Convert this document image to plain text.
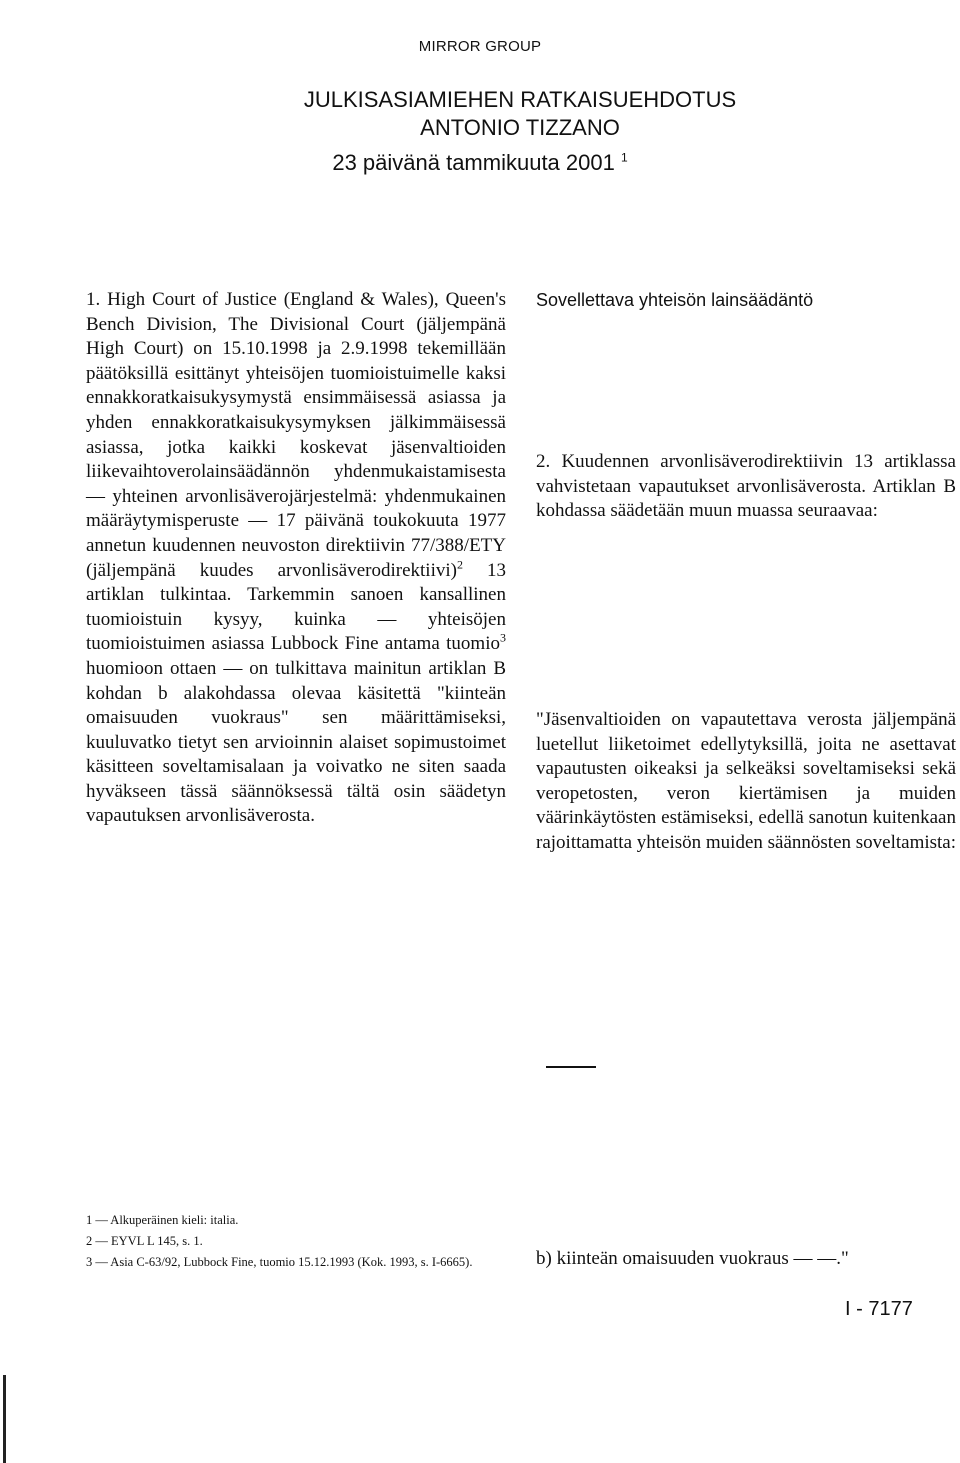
MIRROR GROUP
JULKISASIAMIEHEN RATKAISUEHDOTUS
ANTONIO TIZZANO
23 päivänä tammikuuta 2001 $^1$

1. High Court of Justice (England & Wales), Queen's Bench Division, The Divisional Court (jäljempänä High Court) on 15.10.1998 ja 2.9.1998 tekemillään päätöksillä esittänyt yhteisöjen tuomioistuimelle kaksi ennakkoratkaisukysymystä ensimmäisessä asiassa ja yhden ennakkoratkaisukysymyksen jälkimmäisessä asiassa, jotka kaikki koskevat jäsenvaltioiden liikevaihtoverolainsäädännön yhdenmukaistamisesta — yhteinen arvonlisäverojärjestelmä: yhdenmukainen määräytymisperuste — 17 päivänä toukokuuta 1977 annetun kuudennen neuvoston direktiivin 77/388/ETY (jäljempänä kuudes arvonlisäverodirektiivi)$^2$ 13 artiklan tulkintaa. Tarkemmin sanoen kansallinen tuomioistuin kysyy, kuinka — yhteisöjen tuomioistuimen asiassa Lubbock Fine antama tuomio$^3$ huomioon ottaen — on tulkittava mainitun artiklan B kohdan b alakohdassa olevaa käsitettä "kiinteän omaisuuden vuokraus" sen määrittämiseksi, kuuluvatko tietyt sen arvioinnin alaiset sopimustoimet käsitteen soveltamisalaan ja voivatko ne siten saada hyväkseen tässä säännöksessä tältä osin säädetyn vapautuksen arvonlisäverosta.

Sovellettava yhteisön lainsäädäntö
2. Kuudennen arvonlisäverodirektiivin 13 artiklassa vahvistetaan vapautukset arvonlisäverosta. Artiklan B kohdassa säädetään muun muassa seuraavaa:
"Jäsenvaltioiden on vapautettava verosta jäljempänä luetellut liiketoimet edellytyksillä, joita ne asettavat vapautusten oikeaksi ja selkeäksi soveltamiseksi sekä veropetosten, veron kiertämisen ja muiden väärinkäytösten estämiseksi, edellä sanotun kuitenkaan rajoittamatta yhteisön muiden säännösten soveltamista:
1 — Alkuperäinen kieli: italia.
2 — EYVL L 145, s. 1.
3 — Asia C-63/92, Lubbock Fine, tuomio 15.12.1993 (Kok. 1993, s. I-6665).	b) kiinteän omaisuuden vuokraus — —."
I - 7177
